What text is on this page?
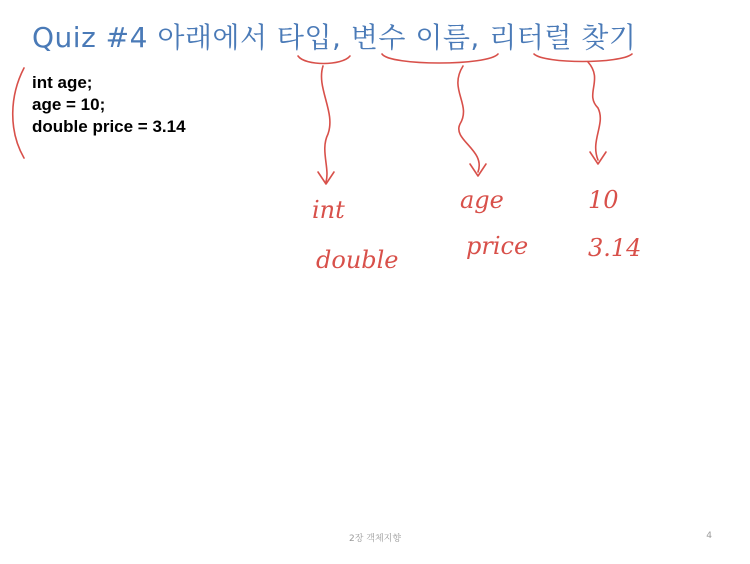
Quiz #4 아래에서 타입, 변수 이름, 리터럴 찾기
int age;
age = 10;
double price = 3.14
int
double
age
price
10
3.14
2장 객체지향	4
